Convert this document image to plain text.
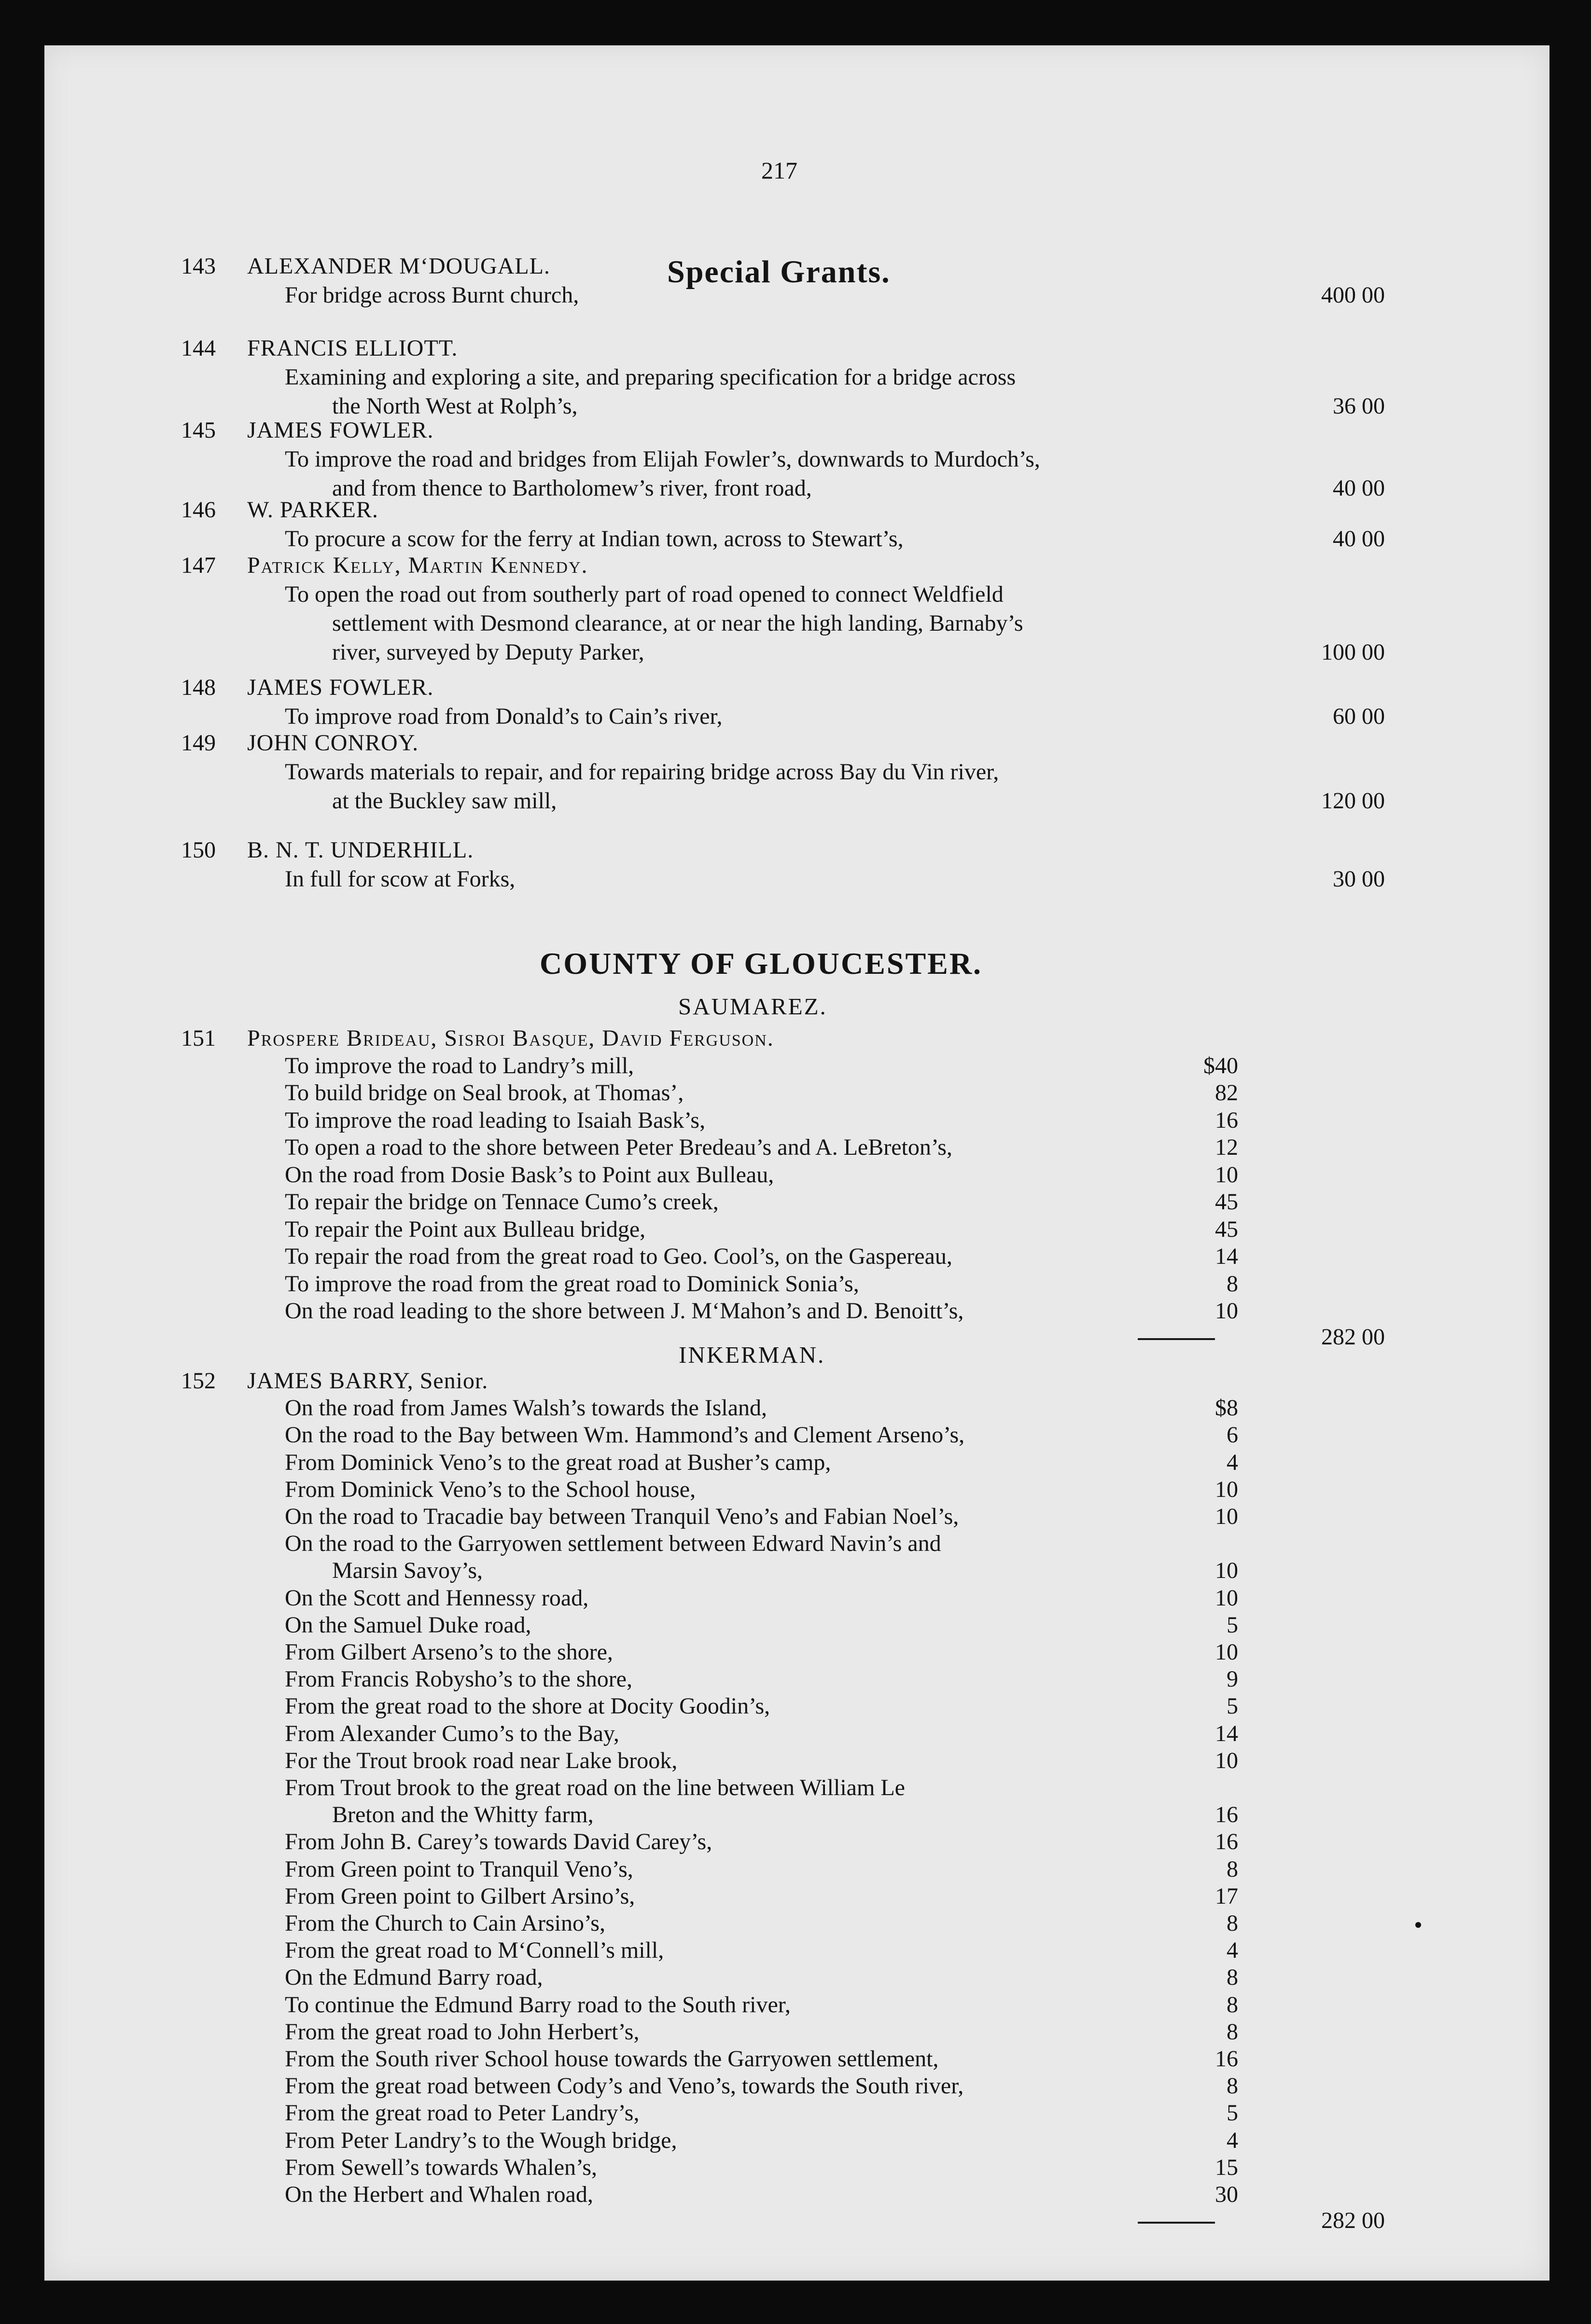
217
Special Grants.
143 ALEXANDER M‘DOUGALL.
For bridge across Burnt church,	400 00
144 FRANCIS ELLIOTT.
Examining and exploring a site, and preparing specification for a bridge across
the North West at Rolph’s,	36 00
145 JAMES FOWLER.
To improve the road and bridges from Elijah Fowler’s, downwards to Murdoch’s,
and from thence to Bartholomew’s river, front road,	40 00
146 W. PARKER.
To procure a scow for the ferry at Indian town, across to Stewart’s,	40 00
147 Patrick Kelly, Martin Kennedy.
To open the road out from southerly part of road opened to connect Weldfield
settlement with Desmond clearance, at or near the high landing, Barnaby’s
river, surveyed by Deputy Parker,	100 00
148 JAMES FOWLER.
To improve road from Donald’s to Cain’s river,	60 00
149 JOHN CONROY.
Towards materials to repair, and for repairing bridge across Bay du Vin river,
at the Buckley saw mill,	120 00
150 B. N. T. UNDERHILL.
In full for scow at Forks,	30 00
COUNTY OF GLOUCESTER.
SAUMAREZ.
151 Prospere Brideau, Sisroi Basque, David Ferguson.
To improve the road to Landry’s mill,	$40
To build bridge on Seal brook, at Thomas’,	82
To improve the road leading to Isaiah Bask’s,	16
To open a road to the shore between Peter Bredeau’s and A. LeBreton’s,	12
On the road from Dosie Bask’s to Point aux Bulleau,	10
To repair the bridge on Tennace Cumo’s creek,	45
To repair the Point aux Bulleau bridge,	45
To repair the road from the great road to Geo. Cool’s, on the Gaspereau,	14
To improve the road from the great road to Dominick Sonia’s,	8
On the road leading to the shore between J. M‘Mahon’s and D. Benoitt’s,	10
282 00
INKERMAN.
152 JAMES BARRY, Senior.
On the road from James Walsh’s towards the Island,	$8
On the road to the Bay between Wm. Hammond’s and Clement Arseno’s,	6
From Dominick Veno’s to the great road at Busher’s camp,	4
From Dominick Veno’s to the School house,	10
On the road to Tracadie bay between Tranquil Veno’s and Fabian Noel’s,	10
On the road to the Garryowen settlement between Edward Navin’s and
Marsin Savoy’s,	10
On the Scott and Hennessy road,	10
On the Samuel Duke road,	5
From Gilbert Arseno’s to the shore,	10
From Francis Robysho’s to the shore,	9
From the great road to the shore at Docity Goodin’s,	5
From Alexander Cumo’s to the Bay,	14
For the Trout brook road near Lake brook,	10
From Trout brook to the great road on the line between William Le
Breton and the Whitty farm,	16
From John B. Carey’s towards David Carey’s,	16
From Green point to Tranquil Veno’s,	8
From Green point to Gilbert Arsino’s,	17
From the Church to Cain Arsino’s,	8
From the great road to M‘Connell’s mill,	4
On the Edmund Barry road,	8
To continue the Edmund Barry road to the South river,	8
From the great road to John Herbert’s,	8
From the South river School house towards the Garryowen settlement,	16
From the great road between Cody’s and Veno’s, towards the South river,	8
From the great road to Peter Landry’s,	5
From Peter Landry’s to the Wough bridge,	4
From Sewell’s towards Whalen’s,	15
On the Herbert and Whalen road,	30
282 00
